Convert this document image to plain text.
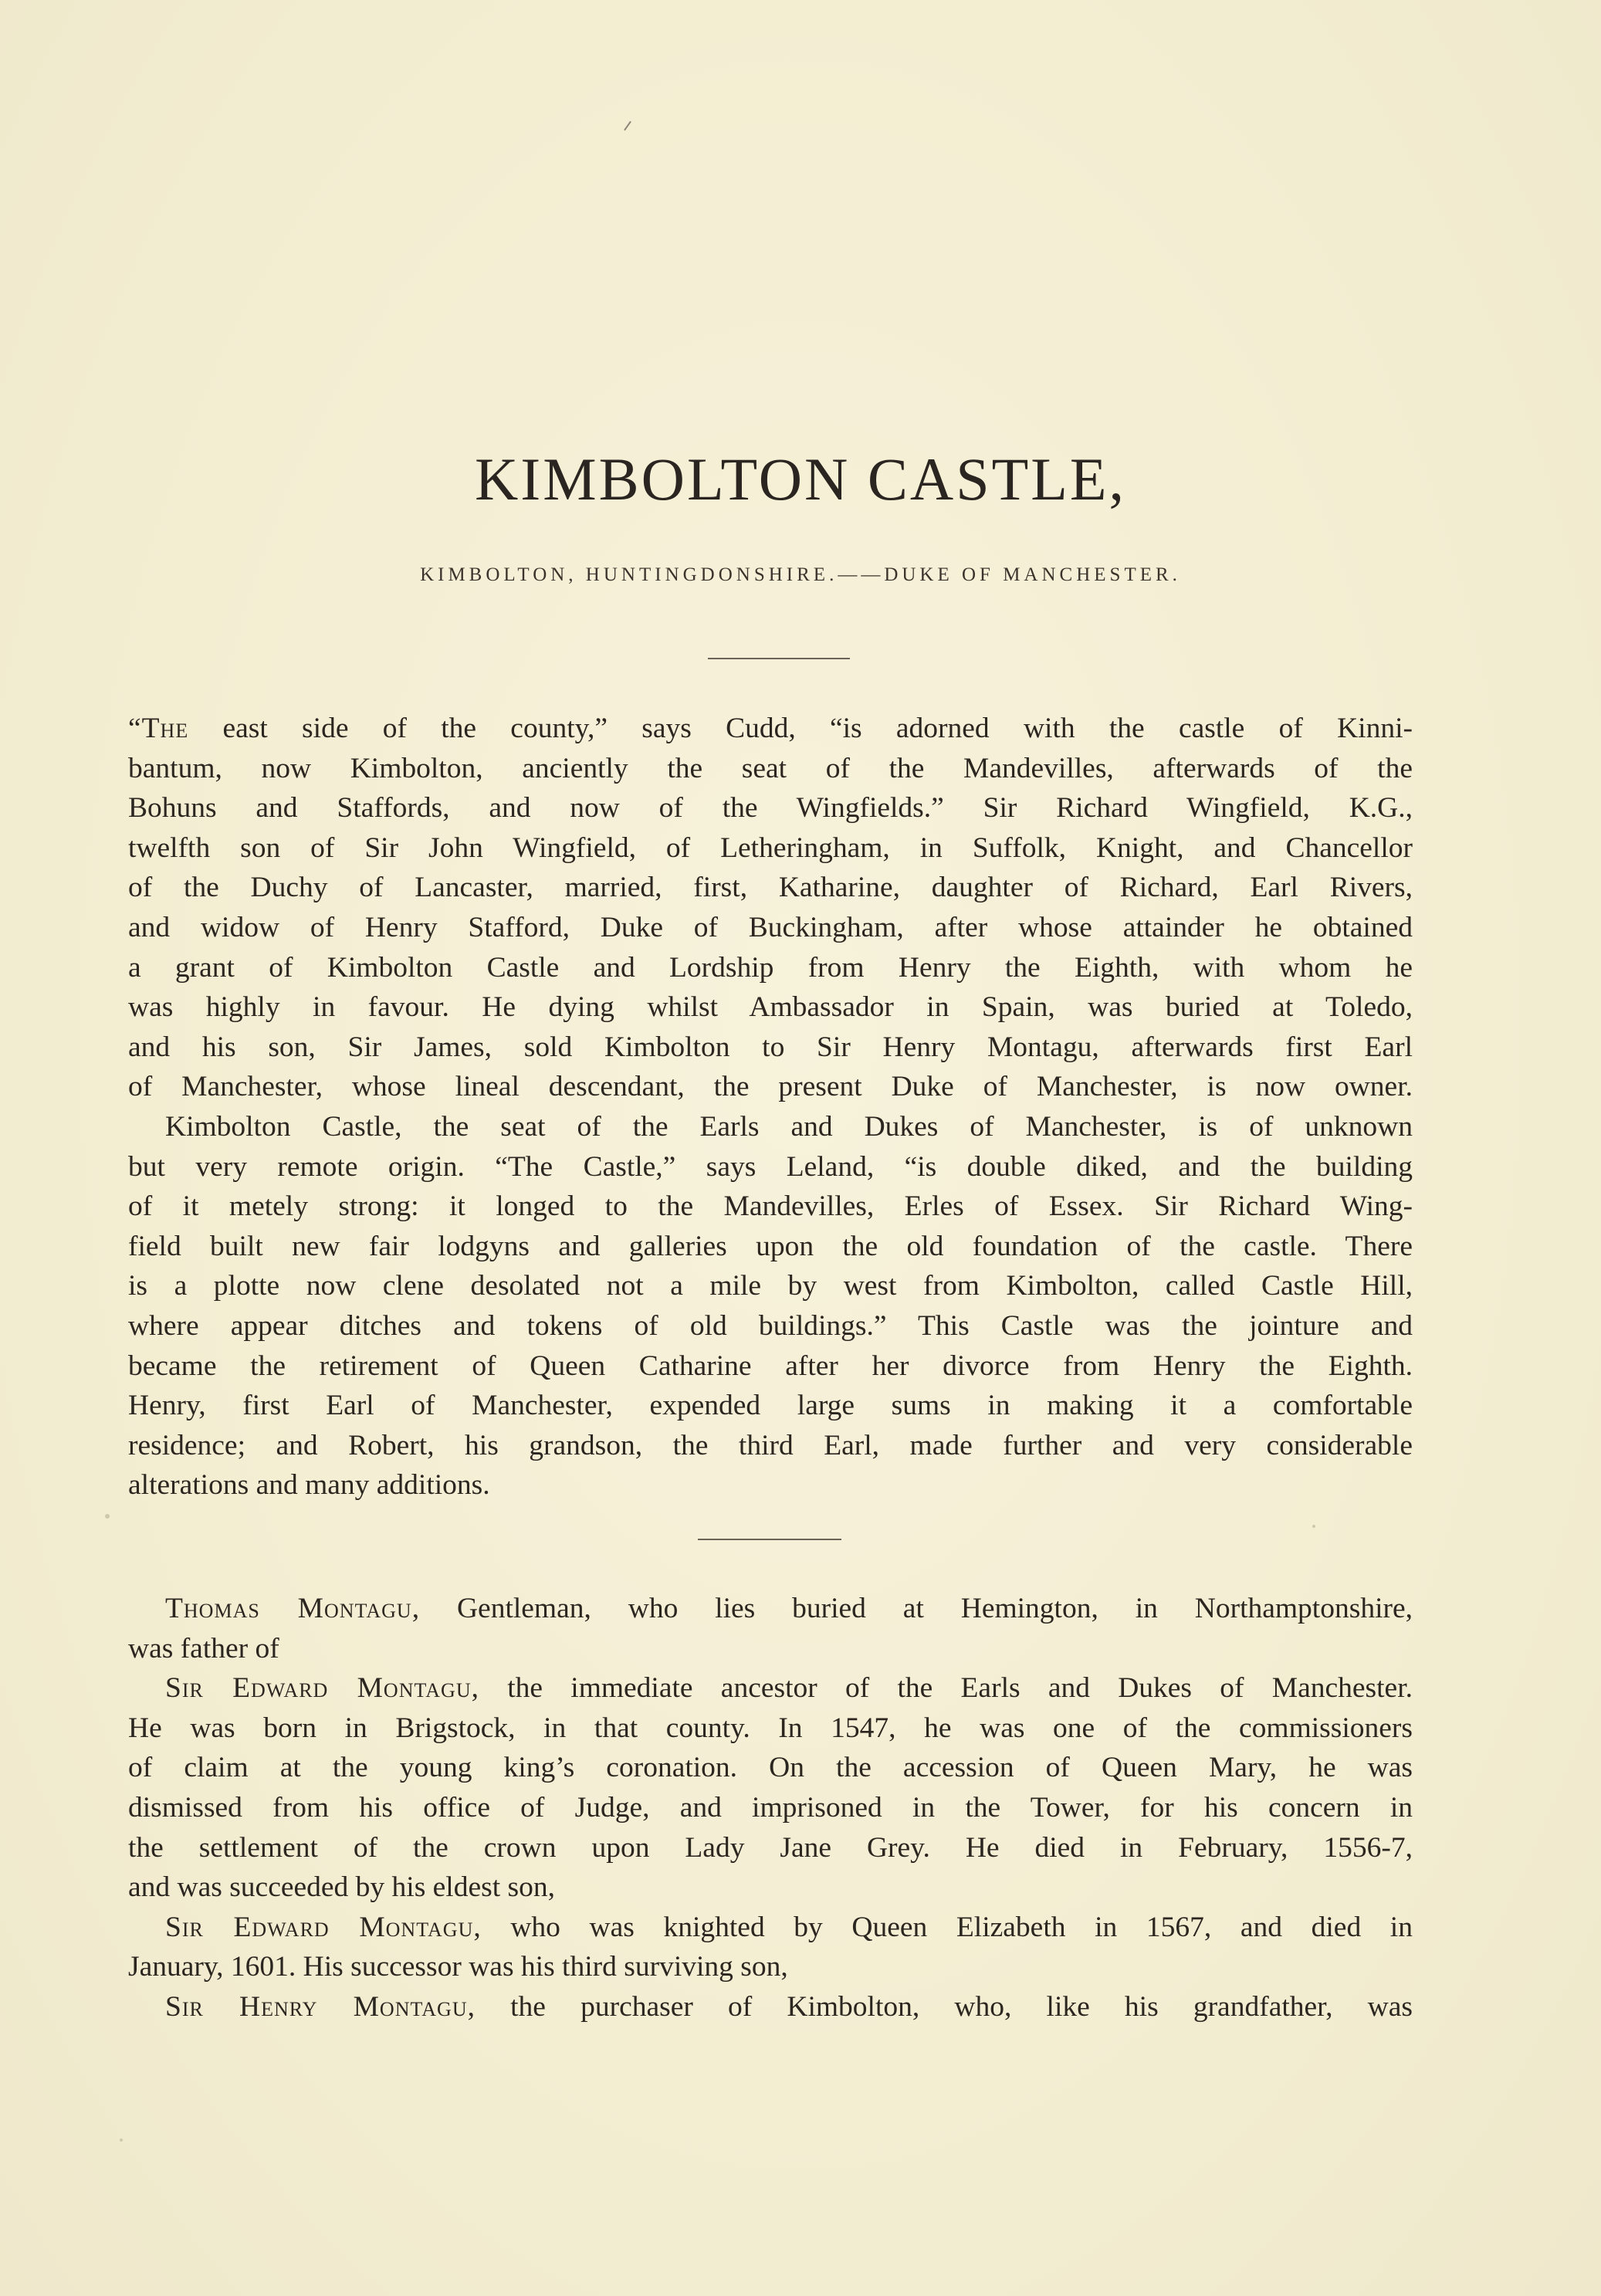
KIMBOLTON CASTLE,
KIMBOLTON, HUNTINGDONSHIRE.——DUKE OF MANCHESTER.
“The east side of the county,” says Cudd, “is adorned with the castle of Kinni-
bantum, now Kimbolton, anciently the seat of the Mandevilles, afterwards of the
Bohuns and Staffords, and now of the Wingfields.” Sir Richard Wingfield, K.G.,
twelfth son of Sir John Wingfield, of Letheringham, in Suffolk, Knight, and Chancellor
of the Duchy of Lancaster, married, first, Katharine, daughter of Richard, Earl Rivers,
and widow of Henry Stafford, Duke of Buckingham, after whose attainder he obtained
a grant of Kimbolton Castle and Lordship from Henry the Eighth, with whom he
was highly in favour. He dying whilst Ambassador in Spain, was buried at Toledo,
and his son, Sir James, sold Kimbolton to Sir Henry Montagu, afterwards first Earl
of Manchester, whose lineal descendant, the present Duke of Manchester, is now owner.
Kimbolton Castle, the seat of the Earls and Dukes of Manchester, is of unknown
but very remote origin. “The Castle,” says Leland, “is double diked, and the building
of it metely strong: it longed to the Mandevilles, Erles of Essex. Sir Richard Wing-
field built new fair lodgyns and galleries upon the old foundation of the castle. There
is a plotte now clene desolated not a mile by west from Kimbolton, called Castle Hill,
where appear ditches and tokens of old buildings.” This Castle was the jointure and
became the retirement of Queen Catharine after her divorce from Henry the Eighth.
Henry, first Earl of Manchester, expended large sums in making it a comfortable
residence; and Robert, his grandson, the third Earl, made further and very considerable
alterations and many additions.
Thomas Montagu, Gentleman, who lies buried at Hemington, in Northamptonshire,
was father of
Sir Edward Montagu, the immediate ancestor of the Earls and Dukes of Manchester.
He was born in Brigstock, in that county. In 1547, he was one of the commissioners
of claim at the young king’s coronation. On the accession of Queen Mary, he was
dismissed from his office of Judge, and imprisoned in the Tower, for his concern in
the settlement of the crown upon Lady Jane Grey. He died in February, 1556-7,
and was succeeded by his eldest son,
Sir Edward Montagu, who was knighted by Queen Elizabeth in 1567, and died in
January, 1601. His successor was his third surviving son,
Sir Henry Montagu, the purchaser of Kimbolton, who, like his grandfather, was
